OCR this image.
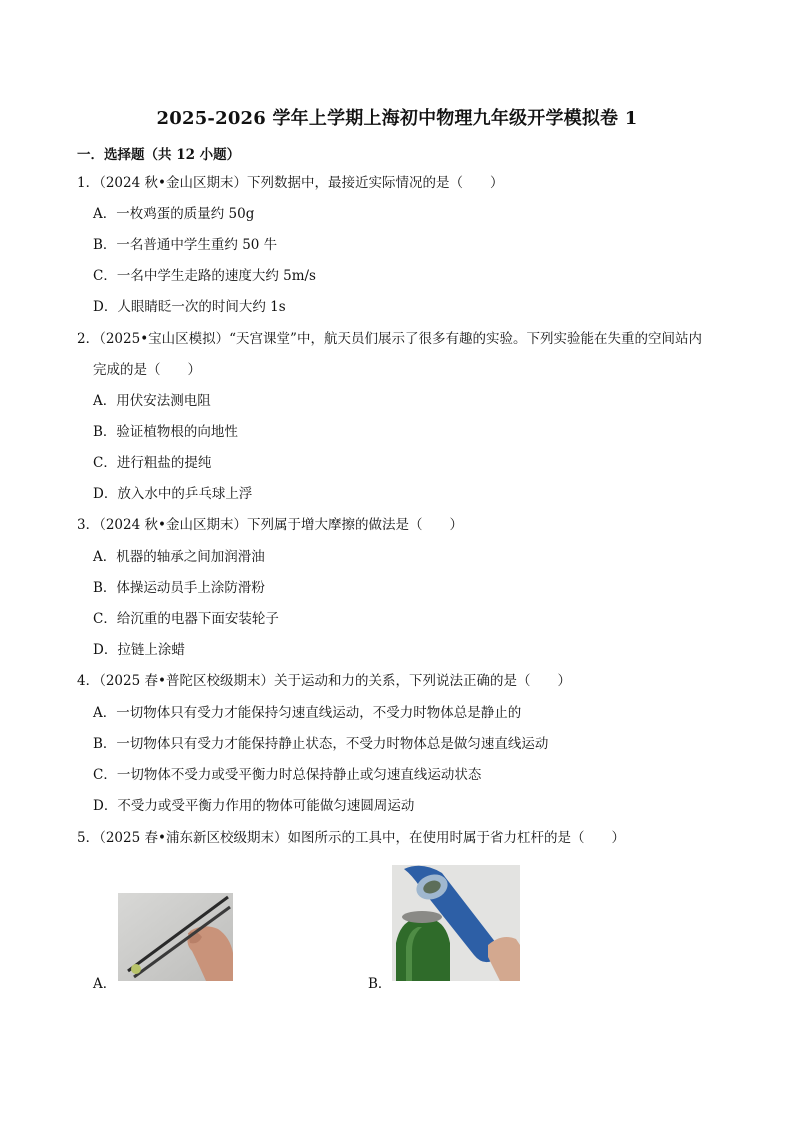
2025-2026 学年上学期上海初中物理九年级开学模拟卷 1
一．选择题（共 12 小题）
1．（2024 秋•金山区期末）下列数据中，最接近实际情况的是（　　）
A．一枚鸡蛋的质量约 50g
B．一名普通中学生重约 50 牛
C．一名中学生走路的速度大约 5m/s
D．人眼睛眨一次的时间大约 1s
2．（2025•宝山区模拟）“天宫课堂”中，航天员们展示了很多有趣的实验。下列实验能在失重的空间站内
完成的是（　　）
A．用伏安法测电阻
B．验证植物根的向地性
C．进行粗盐的提纯
D．放入水中的乒乓球上浮
3．（2024 秋•金山区期末）下列属于增大摩擦的做法是（　　）
A．机器的轴承之间加润滑油
B．体操运动员手上涂防滑粉
C．给沉重的电器下面安装轮子
D．拉链上涂蜡
4．（2025 春•普陀区校级期末）关于运动和力的关系，下列说法正确的是（　　）
A．一切物体只有受力才能保持匀速直线运动，不受力时物体总是静止的
B．一切物体只有受力才能保持静止状态，不受力时物体总是做匀速直线运动
C．一切物体不受力或受平衡力时总保持静止或匀速直线运动状态
D．不受力或受平衡力作用的物体可能做匀速圆周运动
5．（2025 春•浦东新区校级期末）如图所示的工具中，在使用时属于省力杠杆的是（　　）
A．	B．
